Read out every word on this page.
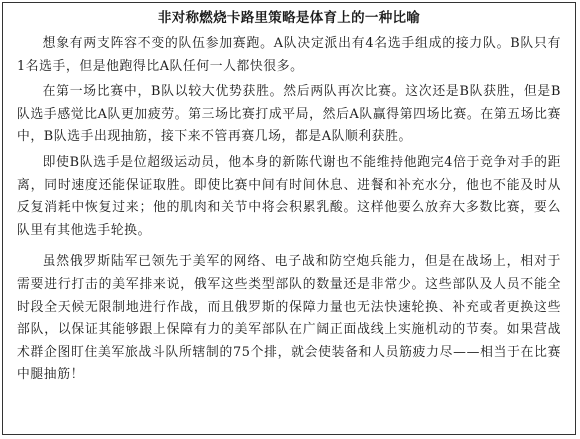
非对称燃烧卡路里策略是体育上的一种比喻

想象有两支阵容不变的队伍参加赛跑。A队决定派出有4名选手组成的接力队。B队只有1名选手，但是他跑得比A队任何一人都快很多。

在第一场比赛中，B队以较大优势获胜。然后两队再次比赛。这次还是B队获胜，但是B队选手感觉比A队更加疲劳。第三场比赛打成平局，然后A队赢得第四场比赛。在第五场比赛中，B队选手出现抽筋，接下来不管再赛几场，都是A队顺利获胜。

即使B队选手是位超级运动员，他本身的新陈代谢也不能维持他跑完4倍于竞争对手的距离，同时速度还能保证取胜。即使比赛中间有时间休息、进餐和补充水分，他也不能及时从反复消耗中恢复过来；他的肌肉和关节中将会积累乳酸。这样他要么放弃大多数比赛，要么队里有其他选手轮换。

虽然俄罗斯陆军已领先于美军的网络、电子战和防空炮兵能力，但是在战场上，相对于需要进行打击的美军排来说，俄军这些类型部队的数量还是非常少。这些部队及人员不能全时段全天候无限制地进行作战，而且俄罗斯的保障力量也无法快速轮换、补充或者更换这些部队，以保证其能够跟上保障有力的美军部队在广阔正面战线上实施机动的节奏。如果营战术群企图盯住美军旅战斗队所辖制的75个排，就会使装备和人员筋疲力尽——相当于在比赛中腿抽筋！
